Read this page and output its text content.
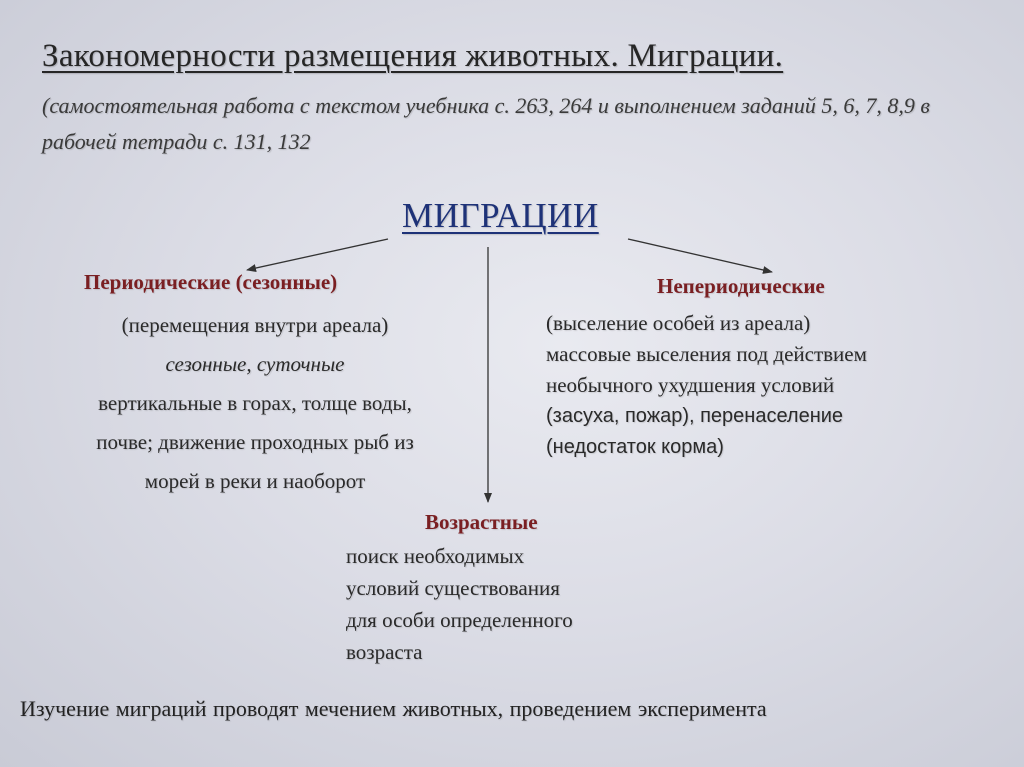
Закономерности размещения животных. Миграции.
(самостоятельная работа с текстом учебника с. 263, 264 и выполнением заданий 5, 6, 7, 8,9 в рабочей тетради с. 131, 132
МИГРАЦИИ
Периодические (сезонные)
(перемещения внутри ареала)
сезонные, суточные
вертикальные в горах, толще воды,
почве; движение проходных рыб из
морей в реки и наоборот
Непериодические
(выселение особей из ареала)
массовые выселения под действием
необычного ухудшения условий
(засуха, пожар), перенаселение
(недостаток корма)
Возрастные
поиск необходимых
условий существования
для особи определенного
возраста
Изучение миграций проводят мечением животных, проведением эксперимента
